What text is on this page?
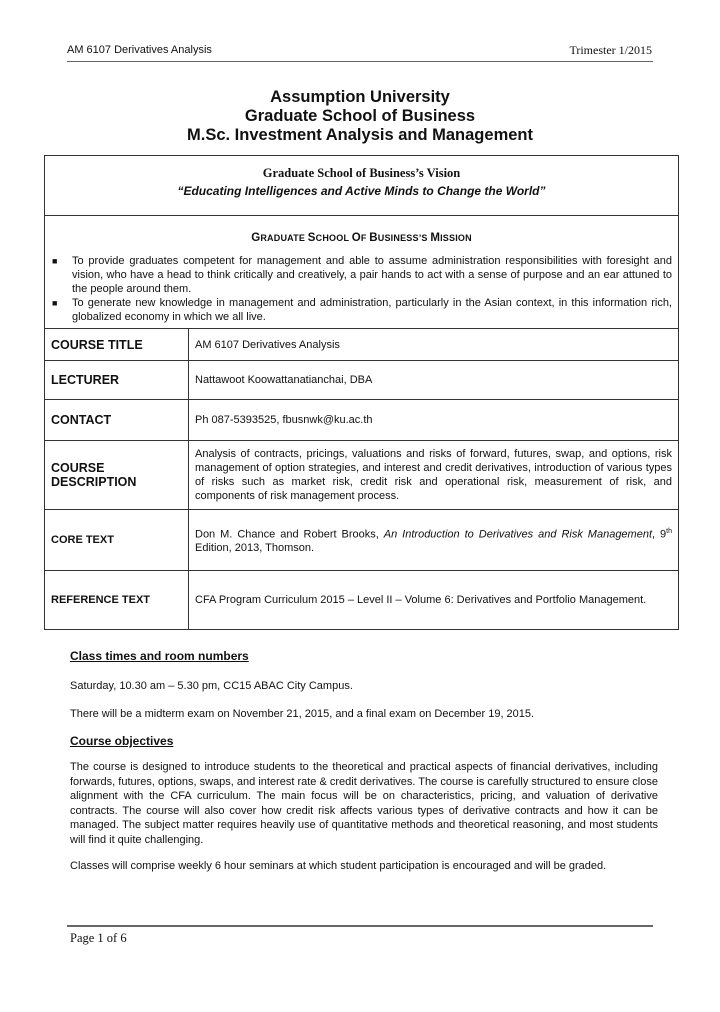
AM 6107 Derivatives Analysis	Trimester 1/2015
Assumption University
Graduate School of Business
M.Sc. Investment Analysis and Management
Graduate School of Business’s Vision
“Educating Intelligences and Active Minds to Change the World”
GRADUATE SCHOOL OF BUSINESS’S MISSION
■ To provide graduates competent for management and able to assume administration responsibilities with foresight and vision, who have a head to think critically and creatively, a pair hands to act with a sense of purpose and an ear attuned to the people around them.
■ To generate new knowledge in management and administration, particularly in the Asian context, in this information rich, globalized economy in which we all live.
COURSE TITLE	AM 6107 Derivatives Analysis
LECTURER	Nattawoot Koowattanatianchai, DBA
CONTACT	Ph 087-5393525, fbusnwk@ku.ac.th

COURSE
DESCRIPTION	Analysis of contracts, pricings, valuations and risks of forward, futures, swap, and options, risk management of option strategies, and interest and credit derivatives, introduction of various types of risks such as market risk, credit risk and operational risk, measurement of risk, and components of risk management process.
CORE TEXT	Don M. Chance and Robert Brooks, An Introduction to Derivatives and Risk Management, 9th Edition, 2013, Thomson.
REFERENCE TEXT	CFA Program Curriculum 2015 – Level II – Volume 6: Derivatives and Portfolio Management.
Class times and room numbers
Saturday, 10.30 am – 5.30 pm, CC15 ABAC City Campus.
There will be a midterm exam on November 21, 2015, and a final exam on December 19, 2015.
Course objectives
The course is designed to introduce students to the theoretical and practical aspects of financial derivatives, including forwards, futures, options, swaps, and interest rate & credit derivatives. The course is carefully structured to ensure close alignment with the CFA curriculum. The main focus will be on characteristics, pricing, and valuation of derivative contracts. The course will also cover how credit risk affects various types of derivative contracts and how it can be managed. The subject matter requires heavily use of quantitative methods and theoretical reasoning, and most students will find it quite challenging.
Classes will comprise weekly 6 hour seminars at which student participation is encouraged and will be graded.
Page 1 of 6
